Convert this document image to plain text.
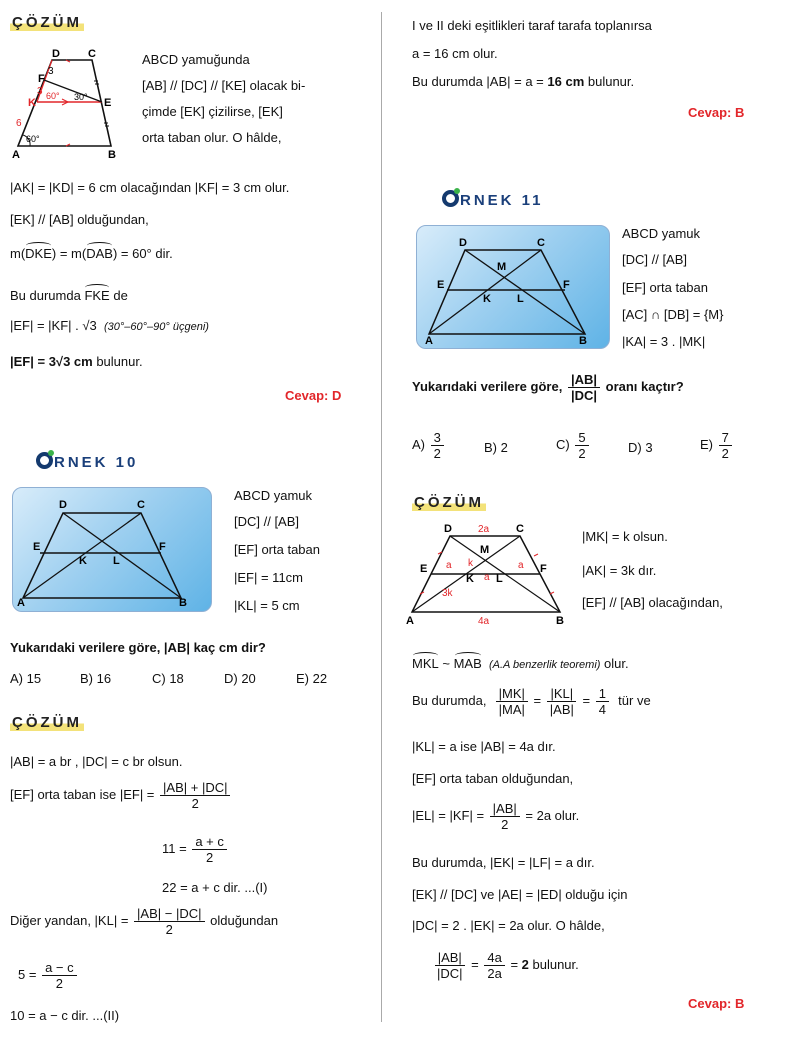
ÇÖZÜM
D	C
F
K	E
A	B
3
3
6
60° 30°
60°
ABCD yamuğunda
[AB] // [DC] // [KE] olacak bi-
çimde [EK] çizilirse, [EK]
orta taban olur. O hâlde,
|AK| = |KD| = 6 cm olacağından |KF| = 3 cm olur.
[EK] // [AB] olduğundan,
m(DKE) = m(DAB) = 60° dir.
Bu durumda FKE de
|EF| = |KF| . √3 (30°–60°–90° üçgeni)
|EF| = 3√3 cm bulunur.
Cevap: D
RNEK 10
D	C
E
K L
F
A	B
ABCD yamuk
[DC] // [AB]
[EF] orta taban
|EF| = 11cm
|KL| = 5 cm
Yukarıdaki verilere göre, |AB| kaç cm dir?
A) 15	B) 16	C) 18	D) 20	E) 22
ÇÖZÜM
|AB| = a br , |DC| = c br olsun.
[EF] orta taban ise $|EF| = \frac{|AB| + |DC|}{2}$
$11 = \frac{a + c}{2}$
22 = a + c dir. ...(I)
Diğer yandan, $|KL| = \frac{|AB| - |DC|}{2}$ olduğundan
$5 = \frac{a - c}{2}$
10 = a − c dir. ...(II)
I ve II deki eşitlikleri taraf tarafa toplanırsa
a = 16 cm olur.
Bu durumda |AB| = a = 16 cm bulunur.
Cevap: B
RNEK 11
D	C
M
E
K L
F
A	B
ABCD yamuk
[DC] // [AB]
[EF] orta taban
[AC] ∩ [DB] = {M}
|KA| = 3 . |MK|
Yukarıdaki verilere göre, $\frac{|AB|}{|DC|}$ oranı kaçtır?
$A) \frac{3}{2}$	B) 2	$C) \frac{5}{2}$	D) 3	$E) \frac{7}{2}$
ÇÖZÜM
D	C
2a
M
E a k	a
K a L
F
3k
4a
A	B
|MK| = k olsun.
|AK| = 3k dır.
[EF] // [AB] olacağından,
MKL ~ MAB (A.A benzerlik teoremi) olur.
Bu durumda, $\frac{|MK|}{|MA|} = \frac{|KL|}{|AB|} = \frac{1}{4}$ tür ve
|KL| = a ise |AB| = 4a dır.
[EF] orta taban olduğundan,
$|EL| = |KF| = \frac{|AB|}{2} = 2a$ olur.
Bu durumda, |EK| = |LF| = a dır.
[EK] // [DC] ve |AE| = |ED| olduğu için
|DC| = 2 . |EK| = 2a olur. O hâlde,
$\frac{|AB|}{|DC|} = \frac{4a}{2a} = 2$ bulunur.
Cevap: B
